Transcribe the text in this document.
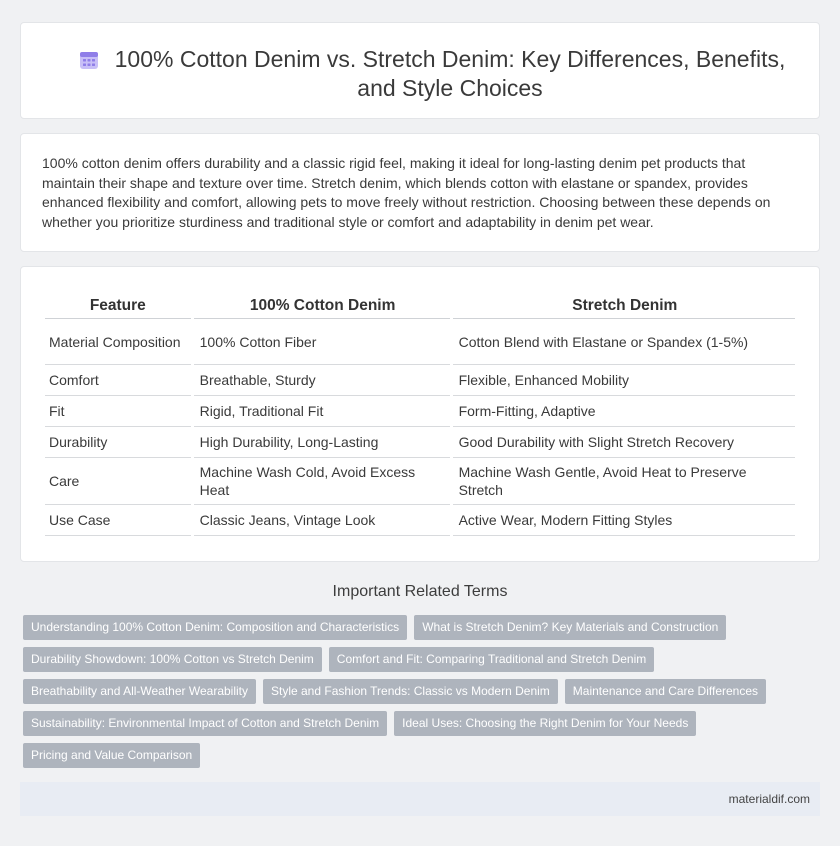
100% Cotton Denim vs. Stretch Denim: Key Differences, Benefits, and Style Choices

100% cotton denim offers durability and a classic rigid feel, making it ideal for long-lasting denim pet products that maintain their shape and texture over time. Stretch denim, which blends cotton with elastane or spandex, provides enhanced flexibility and comfort, allowing pets to move freely without restriction. Choosing between these depends on whether you prioritize sturdiness and traditional style or comfort and adaptability in denim pet wear.

Feature	100% Cotton Denim	Stretch Denim
Material Composition	100% Cotton Fiber	Cotton Blend with Elastane or Spandex (1-5%)
Comfort	Breathable, Sturdy	Flexible, Enhanced Mobility
Fit	Rigid, Traditional Fit	Form-Fitting, Adaptive
Durability	High Durability, Long-Lasting	Good Durability with Slight Stretch Recovery
Care	Machine Wash Cold, Avoid Excess Heat	Machine Wash Gentle, Avoid Heat to Preserve Stretch
Use Case	Classic Jeans, Vintage Look	Active Wear, Modern Fitting Styles
Important Related Terms
Understanding 100% Cotton Denim: Composition and Characteristics	What is Stretch Denim? Key Materials and Construction
Durability Showdown: 100% Cotton vs Stretch Denim	Comfort and Fit: Comparing Traditional and Stretch Denim
Breathability and All-Weather Wearability	Style and Fashion Trends: Classic vs Modern Denim	Maintenance and Care Differences
Sustainability: Environmental Impact of Cotton and Stretch Denim	Ideal Uses: Choosing the Right Denim for Your Needs
Pricing and Value Comparison
materialdif.com
